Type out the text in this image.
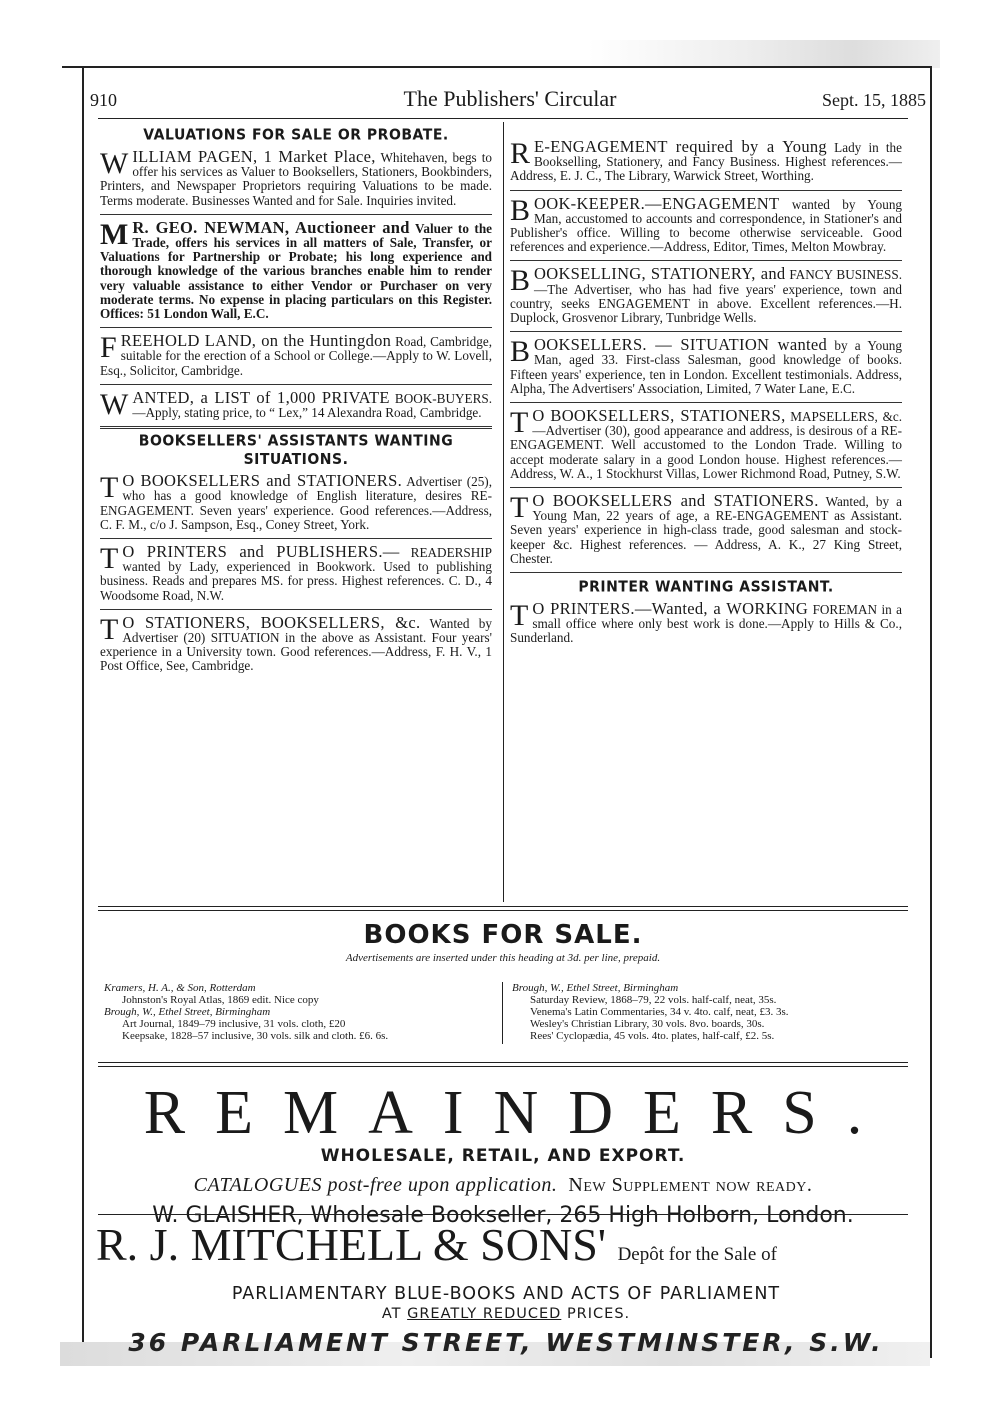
910	The Publishers' Circular	Sept. 15, 1885
VALUATIONS FOR SALE OR PROBATE.

WILLIAM PAGEN, 1 Market Place, Whitehaven, begs to offer his services as Valuer to Booksellers, Stationers, Bookbinders, Printers, and Newspaper Proprietors requiring Valuations to be made. Terms moderate. Businesses Wanted and for Sale. Inquiries invited.

M R. GEO. NEWMAN, Auctioneer and Valuer to the Trade, offers his services in all matters of Sale, Transfer, or Valuations for Partnership or Probate; his long experience and thorough knowledge of the various branches enable him to render very valuable assistance to either Vendor or Purchaser on very moderate terms. No expense in placing particulars on this Register. Offices: 51 London Wall, E.C.

FREEHOLD LAND, on the Huntingdon Road, Cambridge, suitable for the erection of a School or College.—Apply to W. Lovell, Esq., Solicitor, Cambridge.

WANTED, a LIST of 1,000 PRIVATE BOOK-BUYERS.—Apply, stating price, to “ Lex,” 14 Alexandra Road, Cambridge.

BOOKSELLERS' ASSISTANTS WANTING
SITUATIONS.

T O BOOKSELLERS and STATIONERS. Advertiser (25), who has a good knowledge of English literature, desires RE-ENGAGEMENT. Seven years' experience. Good references.—Address, C. F. M., c/o J. Sampson, Esq., Coney Street, York.

T O PRINTERS and PUBLISHERS.— READERSHIP wanted by Lady, experienced in Bookwork. Used to publishing business. Reads and prepares MS. for press. Highest references. C. D., 4 Woodsome Road, N.W.

T O STATIONERS, BOOKSELLERS, &c. Wanted by Advertiser (20) SITUATION in the above as Assistant. Four years' experience in a University town. Good references.—Address, F. H. V., 1 Post Office, See, Cambridge.

R E-ENGAGEMENT required by a Young Lady in the Bookselling, Stationery, and Fancy Business. Highest references.—Address, E. J. C., The Library, Warwick Street, Worthing.

BOOK-KEEPER.—ENGAGEMENT wanted by Young Man, accustomed to accounts and correspondence, in Stationer's and Publisher's office. Willing to become otherwise serviceable. Good references and experience.—Address, Editor, Times, Melton Mowbray.

BOOKSELLING, STATIONERY, and FANCY BUSINESS.—The Advertiser, who has had five years' experience, town and country, seeks ENGAGEMENT in above. Excellent references.—H. Duplock, Grosvenor Library, Tunbridge Wells.

BOOKSELLERS. — SITUATION wanted by a Young Man, aged 33. First-class Salesman, good knowledge of books. Fifteen years' experience, ten in London. Excellent testimonials. Address, Alpha, The Advertisers' Association, Limited, 7 Water Lane, E.C.

T O BOOKSELLERS, STATIONERS, MAPSELLERS, &c.—Advertiser (30), good appearance and address, is desirous of a RE-ENGAGEMENT. Well accustomed to the London Trade. Willing to accept moderate salary in a good London house. Highest references.—Address, W. A., 1 Stockhurst Villas, Lower Richmond Road, Putney, S.W.

T O BOOKSELLERS and STATIONERS. Wanted, by a Young Man, 22 years of age, a RE-ENGAGEMENT as Assistant. Seven years' experience in high-class trade, good salesman and stock-keeper &c. Highest references. — Address, A. K., 27 King Street, Chester.

PRINTER WANTING ASSISTANT.

T O PRINTERS.—Wanted, a WORKING FOREMAN in a small office where only best work is done.—Apply to Hills & Co., Sunderland.

BOOKS FOR SALE.
Advertisements are inserted under this heading at 3d. per line, prepaid.
Kramers, H. A., & Son, Rotterdam
Johnston's Royal Atlas, 1869 edit. Nice copy
Brough, W., Ethel Street, Birmingham
Art Journal, 1849–79 inclusive, 31 vols. cloth, £20
Keepsake, 1828–57 inclusive, 30 vols. silk and cloth. £6. 6s.
Brough, W., Ethel Street, Birmingham
Saturday Review, 1868–79, 22 vols. half-calf, neat, 35s.
Venema's Latin Commentaries, 34 v. 4to. calf, neat, £3. 3s.
Wesley's Christian Library, 30 vols. 8vo. boards, 30s.
Rees' Cyclopædia, 45 vols. 4to. plates, half-calf, £2. 5s.
REMAINDERS.
WHOLESALE, RETAIL, AND EXPORT.
CATALOGUES post-free upon application. New Supplement now ready.
W. GLAISHER, Wholesale Bookseller, 265 High Holborn, London.
R. J. MITCHELL & SONS' Depôt for the Sale of
PARLIAMENTARY BLUE-BOOKS AND ACTS OF PARLIAMENT
AT GREATLY REDUCED PRICES.
36 PARLIAMENT STREET, WESTMINSTER, S.W.
